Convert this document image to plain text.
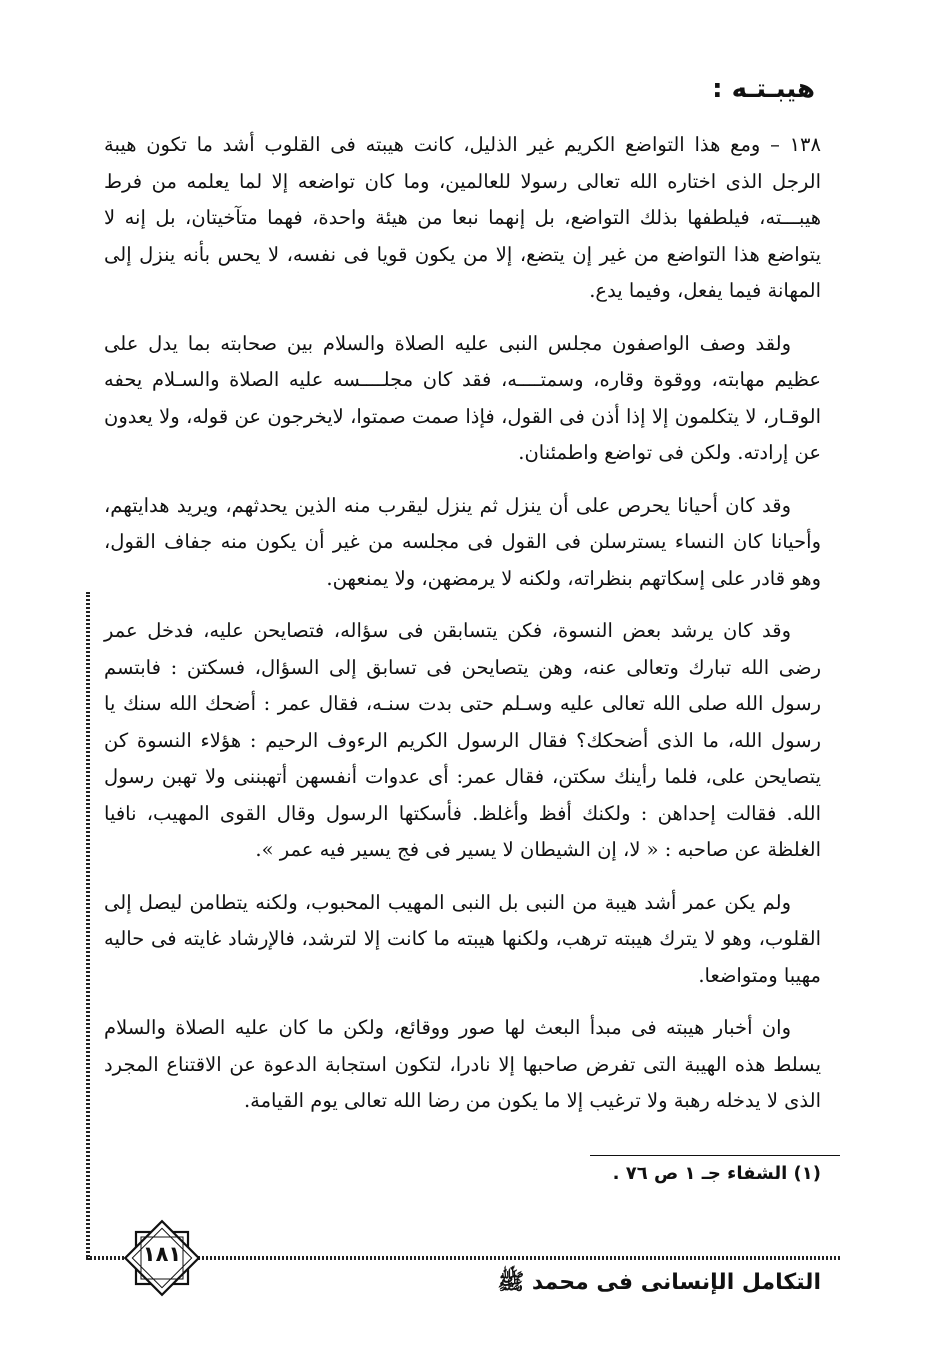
هيبـتـه :

١٣٨ – ومع هذا التواضع الكريم غير الذليل، كانت هيبته فى القلوب أشد ما تكون هيبة الرجل الذى اختاره الله تعالى رسولا للعالمين، وما كان تواضعه إلا لما يعلمه من فرط هيبـــته، فيلطفها بذلك التواضع، بل إنهما نبعا من هيئة واحدة، فهما متآخيتان، بل إنه لا يتواضع هذا التواضع من غير إن يتضع، إلا من يكون قويا فى نفسه، لا يحس بأنه ينزل إلى المهانة فيما يفعل، وفيما يدع.

ولقد وصف الواصفون مجلس النبى عليه الصلاة والسلام بين صحابته بما يدل على عظيم مهابته، ووقوة وقاره، وسمتــــه، فقد كان مجلــــسه عليه الصلاة والسـلام يحفه الوقـار، لا يتكلمون إلا إذا أذن فى القول، فإذا صمت صمتوا، لايخرجون عن قوله، ولا يعدون عن إرادته. ولكن فى تواضع واطمئنان.

وقد كان أحيانا يحرص على أن ينزل ثم ينزل ليقرب منه الذين يحدثهم، ويريد هدايتهم، وأحيانا كان النساء يسترسلن فى القول فى مجلسه من غير أن يكون منه جفاف القول، وهو قادر على إسكاتهم بنظراته، ولكنه لا يرمضهن، ولا يمنعهن.

وقد كان يرشد بعض النسوة، فكن يتسابقن فى سؤاله، فتصايحن عليه، فدخل عمر رضى الله تبارك وتعالى عنه، وهن يتصايحن فى تسابق إلى السؤال، فسكتن : فابتسم رسول الله صلى الله تعالى عليه وسـلم حتى بدت سنـه، فقال عمر : أضحك الله سنك يا رسول الله، ما الذى أضحكك؟ فقال الرسول الكريم الرءوف الرحيم : هؤلاء النسوة كن يتصايحن على، فلما رأينك سكتن، فقال عمر: أى عدوات أنفسهن أتهبننى ولا تهبن رسول الله. فقالت إحداهن : ولكنك أفظ وأغلظ. فأسكتها الرسول وقال القوى المهيب، نافيا الغلظة عن صاحبه : « لا، إن الشيطان لا يسير فى فج يسير فيه عمر ».

ولم يكن عمر أشد هيبة من النبى بل النبى المهيب المحبوب، ولكنه يتطامن ليصل إلى القلوب، وهو لا يترك هيبته ترهب، ولكنها هيبته ما كانت إلا لترشد، فالإرشاد غايته فى حاليه مهيبا ومتواضعا.

وان أخبار هيبته فى مبدأ البعث لها صور ووقائع، ولكن ما كان عليه الصلاة والسلام يسلط هذه الهيبة التى تفرض صاحبها إلا نادرا، لتكون استجابة الدعوة عن الاقتناع المجرد الذى لا يدخله رهبة ولا ترغيب إلا ما يكون من رضا الله تعالى يوم القيامة.

(١) الشفاء جـ ١ ص ٧٦ .
١٨١
التكامل الإنسانى فى محمد ﷺ
